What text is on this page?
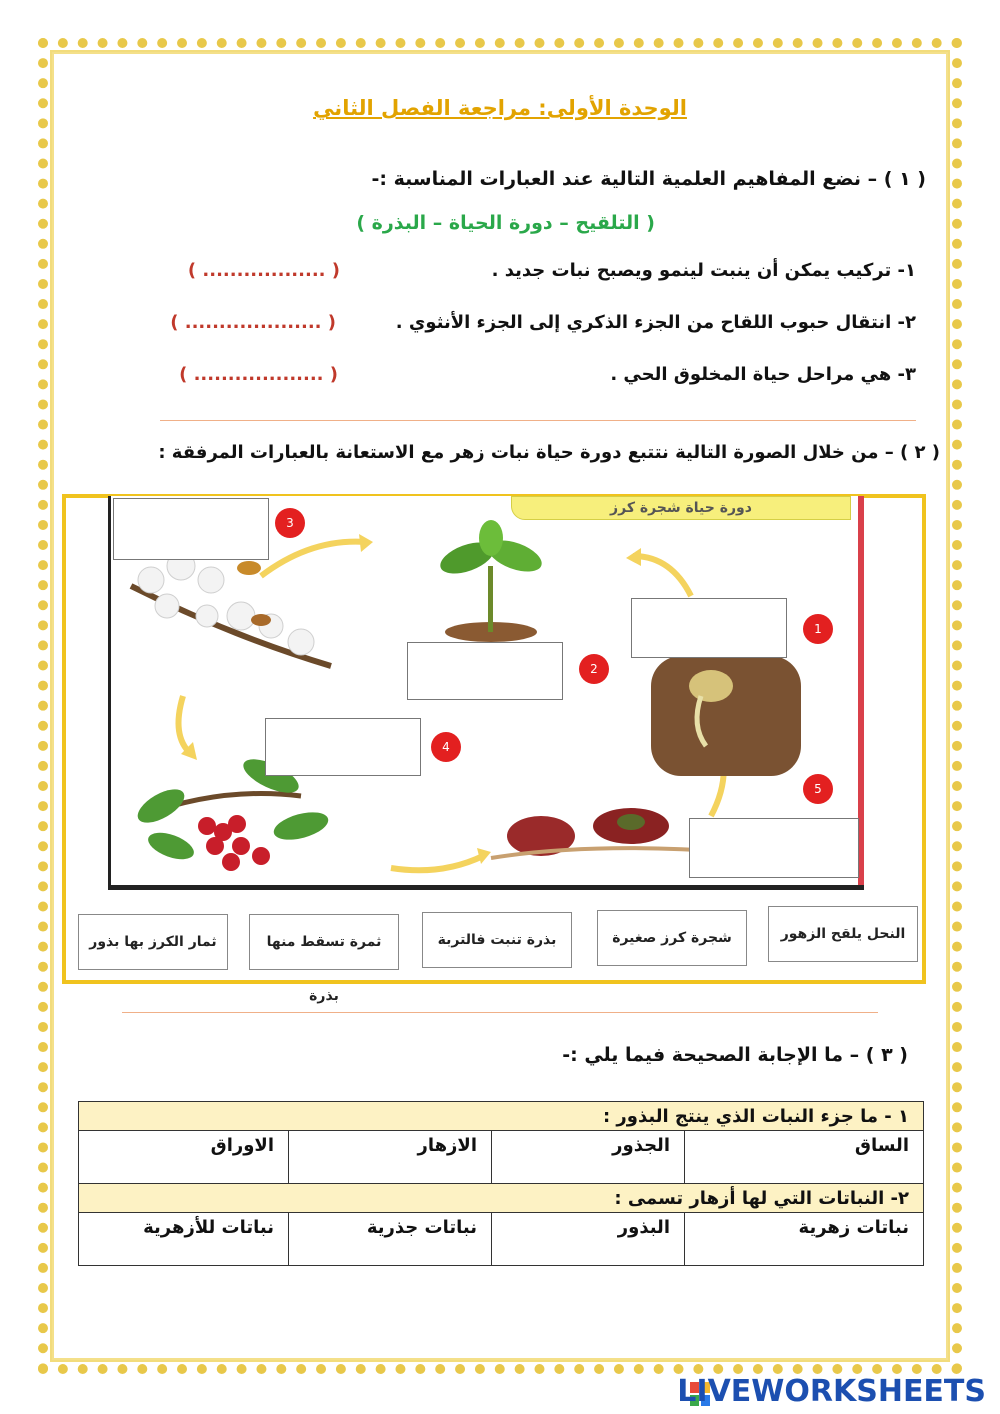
الوحدة الأولى: مراجعة الفصل الثاني
( ١ ) – نضع المفاهيم العلمية التالية عند العبارات المناسبة :-
( التلقيح – دورة الحياة – البذرة )
١- تركيب يمكن أن ينبت لينمو ويصبح نبات جديد .
( .................. )
٢- انتقال حبوب اللقاح من الجزء الذكري إلى الجزء الأنثوي .
( .................... )
٣- هي مراحل حياة المخلوق الحي .
( ................... )
( ٢ ) – من خلال الصورة التالية نتتبع دورة حياة نبات زهر مع الاستعانة بالعبارات المرفقة :
دورة حياة شجرة كرز
3
1
2
4
5
النحل يلقح الزهور
شجرة كرز صغيرة
بذرة تنبت فالتربة
ثمرة تسقط منها بذرة
ثمار الكرز بها بذور
( ٣ ) – ما الإجابة الصحيحة فيما يلي :-
١ - ما جزء النبات الذي ينتج البذور :			
الساق	الجذور	الازهار	الاوراق
٢- النباتات التي لها أزهار تسمى :			
نباتات زهرية	البذور	نباتات جذرية	نباتات للأزهرية
LIVEWORKSHEETS
